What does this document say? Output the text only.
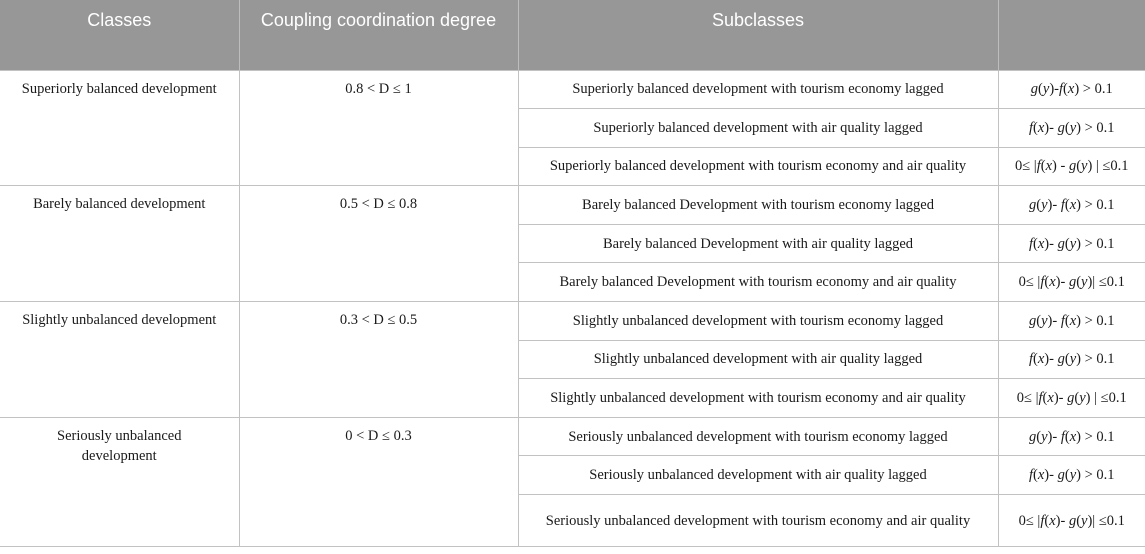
Classes	Coupling coordination degree	Subclasses	
Superiorly balanced development	0.8 < D ≤ 1	Superiorly balanced development with tourism economy lagged	g(y)-f(x) > 0.1
		Superiorly balanced development with air quality lagged	f(x)- g(y) > 0.1
		Superiorly balanced development with tourism economy and air quality	0≤ |f(x) - g(y) | ≤0.1
Barely balanced development	0.5 < D ≤ 0.8	Barely balanced Development with tourism economy lagged	g(y)- f(x) > 0.1
		Barely balanced Development with air quality lagged	f(x)- g(y) > 0.1
		Barely balanced Development with tourism economy and air quality	0≤ |f(x)- g(y)| ≤0.1
Slightly unbalanced development	0.3 < D ≤ 0.5	Slightly unbalanced development with tourism economy lagged	g(y)- f(x) > 0.1
		Slightly unbalanced development with air quality lagged	f(x)- g(y) > 0.1
		Slightly unbalanced development with tourism economy and air quality	0≤ |f(x)- g(y) | ≤0.1
Seriously unbalanced development	0 < D ≤ 0.3	Seriously unbalanced development with tourism economy lagged	g(y)- f(x) > 0.1
		Seriously unbalanced development with air quality lagged	f(x)- g(y) > 0.1
		Seriously unbalanced development with tourism economy and air quality	0≤ |f(x)- g(y)| ≤0.1
